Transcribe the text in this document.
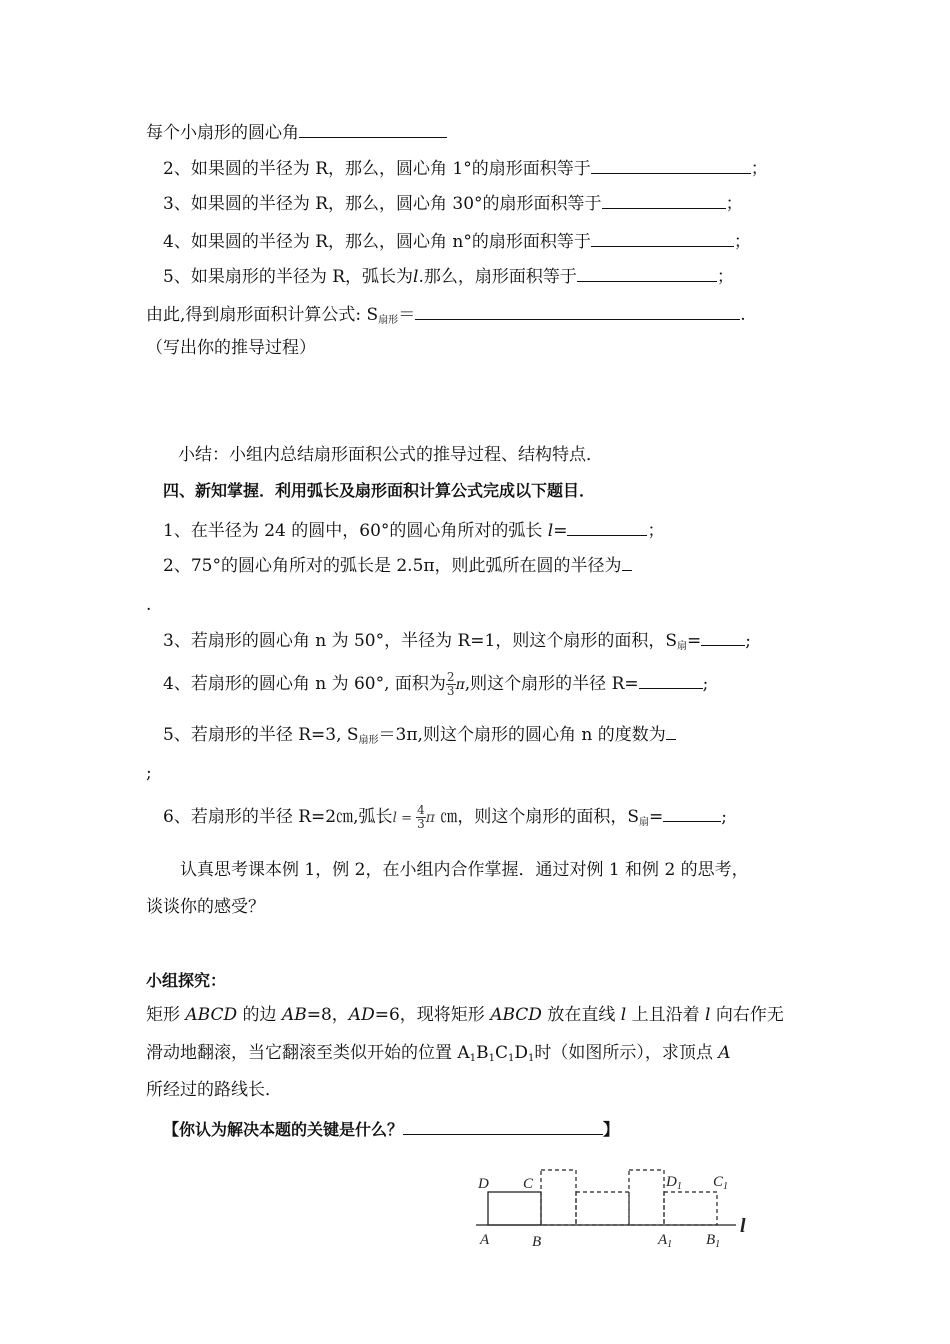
每个小扇形的圆心角
2、如果圆的半径为 R，那么，圆心角 1°的扇形面积等于	；
3、如果圆的半径为 R，那么，圆心角 30°的扇形面积等于	；
4、如果圆的半径为 R，那么，圆心角 n°的扇形面积等于	；
5、如果扇形的半径为 R，弧长为l.那么，扇形面积等于	；
由此,得到扇形面积计算公式: $S_{扇形}=$	.
（写出你的推导过程）
小结：小组内总结扇形面积公式的推导过程、结构特点．
四、新知掌握．利用弧长及扇形面积计算公式完成以下题目．
1、在半径为 24 的圆中，60°的圆心角所对的弧长 l=	；
2、75°的圆心角所对的弧长是 2.5π，则此弧所在圆的半径为
.
3、若扇形的圆心角 n 为 50°，半径为 R=1，则这个扇形的面积，$S_扇=$	;
4、若扇形的圆心角 n 为 60°, 面积为 $\frac{2}{3} \pi$,则这个扇形的半径 R=	;
5、若扇形的半径 R=3, $S_{扇形}=3\pi$,则这个扇形的圆心角 n 的度数为
;
6、若扇形的半径 R=2㎝,弧长$l = \frac{4}{3}$ π ㎝，则这个扇形的面积，$S_扇=$	;
认真思考课本例 1，例 2，在小组内合作掌握．通过对例 1 和例 2 的思考，
谈谈你的感受？
小组探究：
矩形 ABCD 的边 AB=8，AD=6，现将矩形 ABCD 放在直线 l 上且沿着 l 向右作无
滑动地翻滚，当它翻滚至类似开始的位置 $A_1B_1C_1D_1$时（如图所示），求顶点 A
所经过的路线长．
【你认为解决本题的关键是什么？	】
D C
A	B
$D_1$ $C_1$
$A_1$ $B_1$
l
